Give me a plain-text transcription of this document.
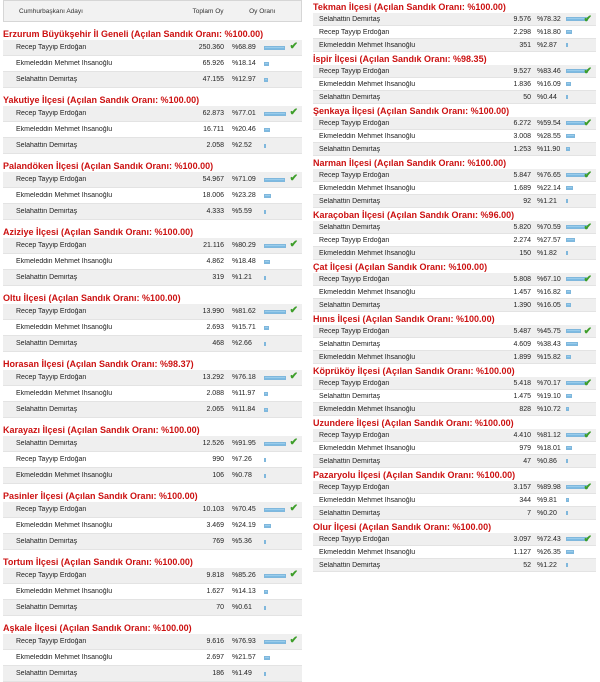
Cumhurbaşkanı Adayı	Toplam Oy	Oy Oranı
Erzurum Büyükşehir İl Geneli (Açılan Sandık Oranı: %100.00)
Recep Tayyip Erdoğan	250.360	%68.89	✔
Ekmeleddin Mehmet İhsanoğlu	65.926	%18.14
Selahattin Demirtaş	47.155	%12.97
Yakutiye İlçesi (Açılan Sandık Oranı: %100.00)
Recep Tayyip Erdoğan	62.873	%77.01	✔
Ekmeleddin Mehmet İhsanoğlu	16.711	%20.46
Selahattin Demirtaş	2.058	%2.52
Palandöken İlçesi (Açılan Sandık Oranı: %100.00)
Recep Tayyip Erdoğan	54.967	%71.09	✔
Ekmeleddin Mehmet İhsanoğlu	18.006	%23.28
Selahattin Demirtaş	4.333	%5.59
Aziziye İlçesi (Açılan Sandık Oranı: %100.00)
Recep Tayyip Erdoğan	21.116	%80.29	✔
Ekmeleddin Mehmet İhsanoğlu	4.862	%18.48
Selahattin Demirtaş	319	%1.21
Oltu İlçesi (Açılan Sandık Oranı: %100.00)
Recep Tayyip Erdoğan	13.990	%81.62	✔
Ekmeleddin Mehmet İhsanoğlu	2.693	%15.71
Selahattin Demirtaş	468	%2.66
Horasan İlçesi (Açılan Sandık Oranı: %98.37)
Recep Tayyip Erdoğan	13.292	%76.18	✔
Ekmeleddin Mehmet İhsanoğlu	2.088	%11.97
Selahattin Demirtaş	2.065	%11.84
Karayazı İlçesi (Açılan Sandık Oranı: %100.00)
Selahattin Demirtaş	12.526	%91.95	✔
Recep Tayyip Erdoğan	990	%7.26
Ekmeleddin Mehmet İhsanoğlu	106	%0.78
Pasinler İlçesi (Açılan Sandık Oranı: %100.00)
Recep Tayyip Erdoğan	10.103	%70.45	✔
Ekmeleddin Mehmet İhsanoğlu	3.469	%24.19
Selahattin Demirtaş	769	%5.36
Tortum İlçesi (Açılan Sandık Oranı: %100.00)
Recep Tayyip Erdoğan	9.818	%85.26	✔
Ekmeleddin Mehmet İhsanoğlu	1.627	%14.13
Selahattin Demirtaş	70	%0.61
Aşkale İlçesi (Açılan Sandık Oranı: %100.00)
Recep Tayyip Erdoğan	9.616	%76.93	✔
Ekmeleddin Mehmet İhsanoğlu	2.697	%21.57
Selahattin Demirtaş	186	%1.49
Tekman İlçesi (Açılan Sandık Oranı: %100.00)
Selahattin Demirtaş	9.576 %78.32	✔
Recep Tayyip Erdoğan	2.298 %18.80
Ekmeleddin Mehmet İhsanoğlu	351 %2.87
İspir İlçesi (Açılan Sandık Oranı: %98.35)
Recep Tayyip Erdoğan	9.527 %83.46	✔
Ekmeleddin Mehmet İhsanoğlu	1.836 %16.09
Selahattin Demirtaş	50 %0.44
Şenkaya İlçesi (Açılan Sandık Oranı: %100.00)
Recep Tayyip Erdoğan	6.272 %59.54	✔
Ekmeleddin Mehmet İhsanoğlu	3.008 %28.55
Selahattin Demirtaş	1.253 %11.90
Narman İlçesi (Açılan Sandık Oranı: %100.00)
Recep Tayyip Erdoğan	5.847 %76.65	✔
Ekmeleddin Mehmet İhsanoğlu	1.689 %22.14
Selahattin Demirtaş	92 %1.21
Karaçoban İlçesi (Açılan Sandık Oranı: %96.00)
Selahattin Demirtaş	5.820 %70.59	✔
Recep Tayyip Erdoğan	2.274 %27.57
Ekmeleddin Mehmet İhsanoğlu	150 %1.82
Çat İlçesi (Açılan Sandık Oranı: %100.00)
Recep Tayyip Erdoğan	5.808 %67.10	✔
Ekmeleddin Mehmet İhsanoğlu	1.457 %16.82
Selahattin Demirtaş	1.390 %16.05
Hınıs İlçesi (Açılan Sandık Oranı: %100.00)
Recep Tayyip Erdoğan	5.487 %45.75	✔
Selahattin Demirtaş	4.609 %38.43
Ekmeleddin Mehmet İhsanoğlu	1.899 %15.82
Köprüköy İlçesi (Açılan Sandık Oranı: %100.00)
Recep Tayyip Erdoğan	5.418 %70.17	✔
Selahattin Demirtaş	1.475 %19.10
Ekmeleddin Mehmet İhsanoğlu	828 %10.72
Uzundere İlçesi (Açılan Sandık Oranı: %100.00)
Recep Tayyip Erdoğan	4.410 %81.12	✔
Ekmeleddin Mehmet İhsanoğlu	979 %18.01
Selahattin Demirtaş	47 %0.86
Pazaryolu İlçesi (Açılan Sandık Oranı: %100.00)
Recep Tayyip Erdoğan	3.157 %89.98	✔
Ekmeleddin Mehmet İhsanoğlu	344 %9.81
Selahattin Demirtaş	7 %0.20
Olur İlçesi (Açılan Sandık Oranı: %100.00)
Recep Tayyip Erdoğan	3.097 %72.43	✔
Ekmeleddin Mehmet İhsanoğlu	1.127 %26.35
Selahattin Demirtaş	52 %1.22
